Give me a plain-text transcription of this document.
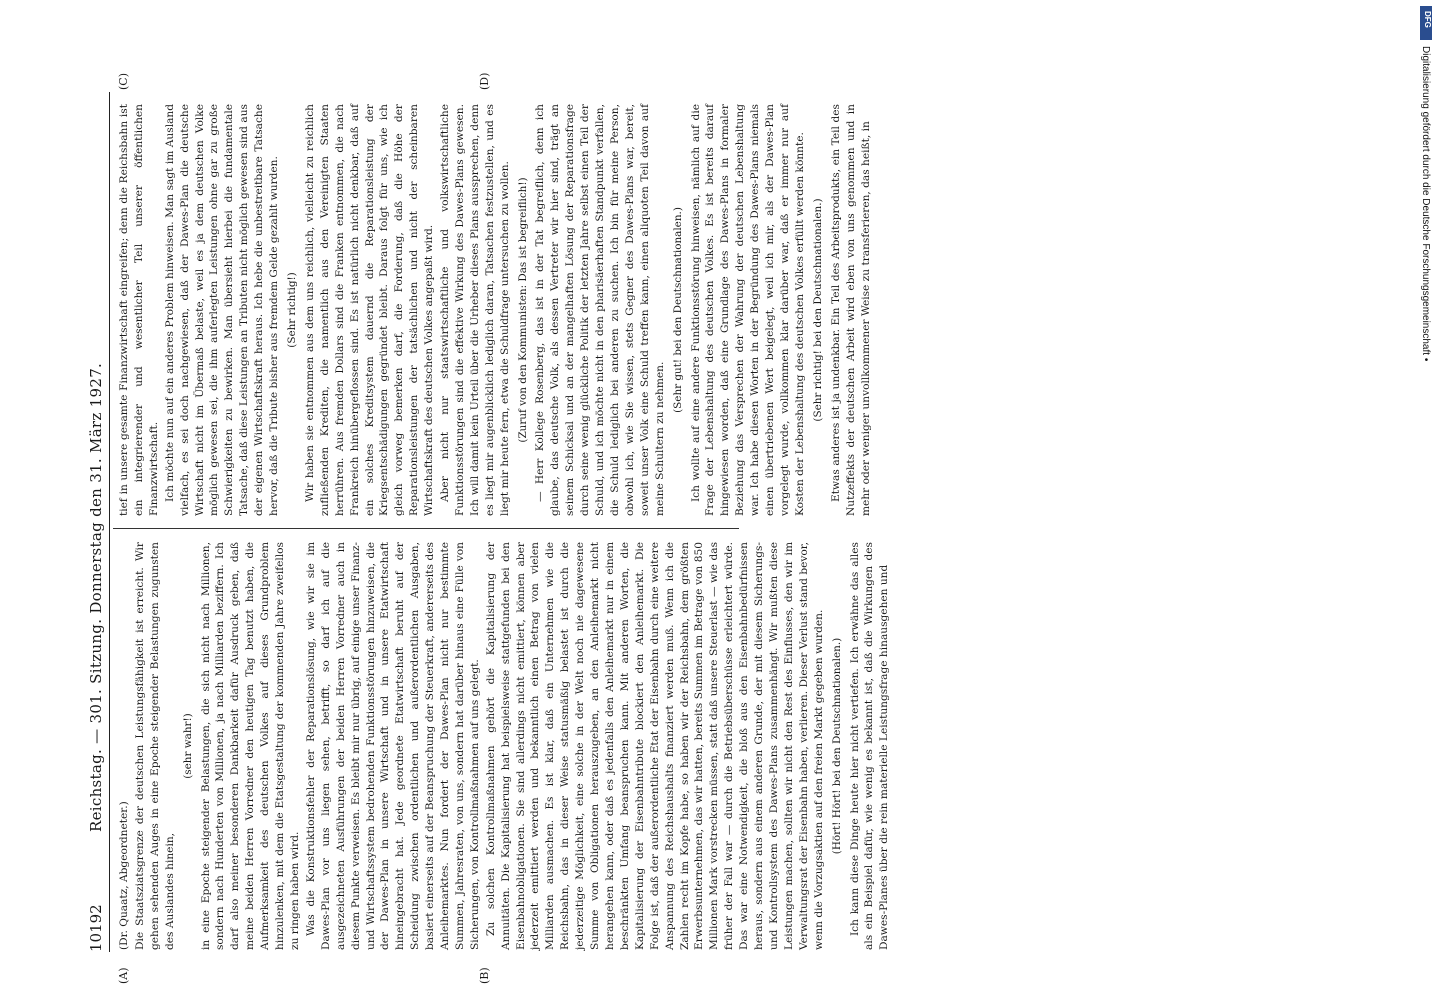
10192
Reichstag. — 301. Sitzung. Donnerstag den 31. März 1927.
(A)	(B)
(C)	(D)

(Dr. Quaatz, Abgeordneter.) Die Staatsziatsgrenze der deutschen Leistungsfähigkeit ist erreicht. Wir gehen sehenden Auges in eine Epoche steigender Belastungen zugunsten des Auslandes hinein,

(sehr wahr!) in eine Epoche steigender Belastungen, die sich nicht nach Millionen, sondern nach Hunderten von Millionen, ja nach Milliarden beziffern. Ich darf also meiner besonderen Dankbarkeit dafür Ausdruck geben, daß meine beiden Herren Vorredner den heutigen Tag benutzt haben, die Aufmerksamkeit des deutschen Volkes auf dieses Grundproblem hinzulenken, mit dem die Etatsgestaltung der kommenden Jahre zweifellos zu ringen haben wird. Was die Konstruktionsfehler der Reparationslösung, wie wir sie im Dawes-Plan vor uns liegen sehen, betrifft, so darf ich auf die ausgezeichneten Ausführungen der beiden Herren Vorredner auch in diesem Punkte verweisen. Es bleibt mir nur übrig, auf einige unser Finanz- und Wirtschaftssystem bedrohenden Funktionsstörungen hinzuweisen, die der Dawes-Plan in unsere Wirtschaft und in unsere Etatwirtschaft hineingebracht hat. Jede geordnete Etatwirtschaft beruht auf der Scheidung zwischen ordentlichen und außerordentlichen Ausgaben, basiert einerseits auf der Beanspruchung der Steuerkraft, andererseits des Anleihemarktes. Nun fordert der Dawes-Plan nicht nur bestimmte Summen, Jahresraten, von uns, sondern hat darüber hinaus eine Fülle von Sicherungen, von Kontrollmaßnahmen auf uns gelegt. Zu solchen Kontrollmaßnahmen gehört die Kapitalisierung der Annuitäten. Die Kapitalisierung hat beispielsweise stattgefunden bei den Eisenbahnobligationen. Sie sind allerdings nicht emittiert, können aber jederzeit emittiert werden und bekanntlich einen Betrag von vielen Milliarden ausmachen. Es ist klar, daß ein Unternehmen wie die Reichsbahn, das in dieser Weise statusmäßig belastet ist durch die jederzeitige Möglichkeit, eine solche in der Welt noch nie dagewesene Summe von Obligationen herauszugeben, an den Anleihemarkt nicht herangehen kann, oder daß es jedenfalls den Anleihemarkt nur in einem beschränkten Umfang beanspruchen kann. Mit anderen Worten, die Kapitalisierung der Eisenbahntribute blockiert den Anleihemarkt. Die Folge ist, daß der außerordentliche Etat der Eisenbahn durch eine weitere Anspannung des Reichshaushalts finanziert werden muß. Wenn ich die Zahlen recht im Kopfe habe, so haben wir der Reichsbahn, dem größten Erwerbsunternehmen, das wir hatten, bereits Summen im Betrage von 850 Millionen Mark vorstrecken müssen, statt daß unsere Steuerlast — wie das früher der Fall war — durch die Betriebsüberschüsse erleichtert würde. Das war eine Notwendigkeit, die bloß aus den Eisenbahnbedürfnissen heraus, sondern aus einem anderen Grunde, der mit diesem Sicherungs- und Kontrollsystem des Dawes-Plans zusammenhängt. Wir mußten diese Leistungen machen, sollten wir nicht den Rest des Einflusses, den wir im Verwaltungsrat der Eisenbahn haben, verlieren. Dieser Verlust stand bevor, wenn die Vorzugsaktien auf den freien Markt gegeben wurden. (Hört! Hört! bei den Deutschnationalen.) Ich kann diese Dinge heute hier nicht vertiefen. Ich erwähne das alles als ein Beispiel dafür, wie wenig es bekannt ist, daß die Wirkungen des Dawes-Planes über die rein materielle Leistungsfrage hinausgehen und

tief in unsere gesamte Finanzwirtschaft eingreifen; denn die Reichsbahn ist ein integrierender und wesentlicher Teil unserer öffentlichen Finanzwirtschaft. Ich möchte nun auf ein anderes Problem hinweisen. Man sagt im Ausland vielfach, es sei doch nachgewiesen, daß der Dawes-Plan die deutsche Wirtschaft nicht im Übermaß belaste, weil es ja dem deutschen Volke möglich gewesen sei, die ihm auferlegten Leistungen ohne gar zu große Schwierigkeiten zu bewirken. Man übersieht hierbei die fundamentale Tatsache, daß diese Leistungen an Tributen nicht möglich gewesen sind aus der eigenen Wirtschaftskraft heraus. Ich hebe die unbestreitbare Tatsache hervor, daß die Tribute bisher aus fremdem Gelde gezahlt wurden. (Sehr richtig!) Wir haben sie entnommen aus dem uns reichlich, vielleicht zu reichlich zufließenden Krediten, die namentlich aus den Vereinigten Staaten herrühren. Aus fremden Dollars sind die Franken entnommen, die nach Frankreich hinübergeflossen sind. Es ist natürlich nicht denkbar, daß auf ein solches Kreditsystem dauernd die Reparationsleistung der Kriegsentschädigungen gegründet bleibt. Daraus folgt für uns, wie ich gleich vorweg bemerken darf, die Forderung, daß die Höhe der Reparationsleistungen der tatsächlichen und nicht der scheinbaren Wirtschaftskraft des deutschen Volkes angepaßt wird. Aber nicht nur staatswirtschaftliche und volkswirtschaftliche Funktionsstörungen sind die effektive Wirkung des Dawes-Plans gewesen. Ich will damit kein Urteil über die Urheber dieses Plans aussprechen, denn es liegt mir augenblicklich lediglich daran, Tatsachen festzustellen, und es liegt mir heute fern, etwa die Schuldfrage untersuchen zu wollen. (Zuruf von den Kommunisten: Das ist begreiflich!) — Herr Kollege Rosenberg, das ist in der Tat begreiflich, denn ich glaube, das deutsche Volk, als dessen Vertreter wir hier sind, trägt an seinem Schicksal und an der mangelhaften Lösung der Reparationsfrage durch seine wenig glückliche Politik der letzten Jahre selbst einen Teil der Schuld, und ich möchte nicht in den pharisäerhaften Standpunkt verfallen, die Schuld lediglich bei anderen zu suchen. Ich bin für meine Person, obwohl ich, wie Sie wissen, stets Gegner des Dawes-Plans war, bereit, soweit unser Volk eine Schuld treffen kann, einen aliquoten Teil davon auf meine Schultern zu nehmen.

(Sehr gut! bei den Deutschnationalen.) Ich wollte auf eine andere Funktionsstörung hinweisen, nämlich auf die Frage der Lebenshaltung des deutschen Volkes. Es ist bereits darauf hingewiesen worden, daß eine Grundlage des Dawes-Plans in formaler Beziehung das Versprechen der Wahrung der deutschen Lebenshaltung war. Ich habe diesen Worten in der Begründung des Dawes-Plans niemals einen übertriebenen Wert beigelegt, weil ich mir, als der Dawes-Plan vorgelegt wurde, vollkommen klar darüber war, daß er immer nur auf Kosten der Lebenshaltung des deutschen Volkes erfüllt werden könnte. (Sehr richtig! bei den Deutschnationalen.) Etwas anderes ist ja undenkbar. Ein Teil des Arbeitsprodukts, ein Teil des Nutzeffekts der deutschen Arbeit wird eben von uns genommen und in mehr oder weniger unvollkommener Weise zu transferieren, das heißt, in

DFG
Digitalisierung gefördert durch die Deutsche Forschungsgemeinschaft •
